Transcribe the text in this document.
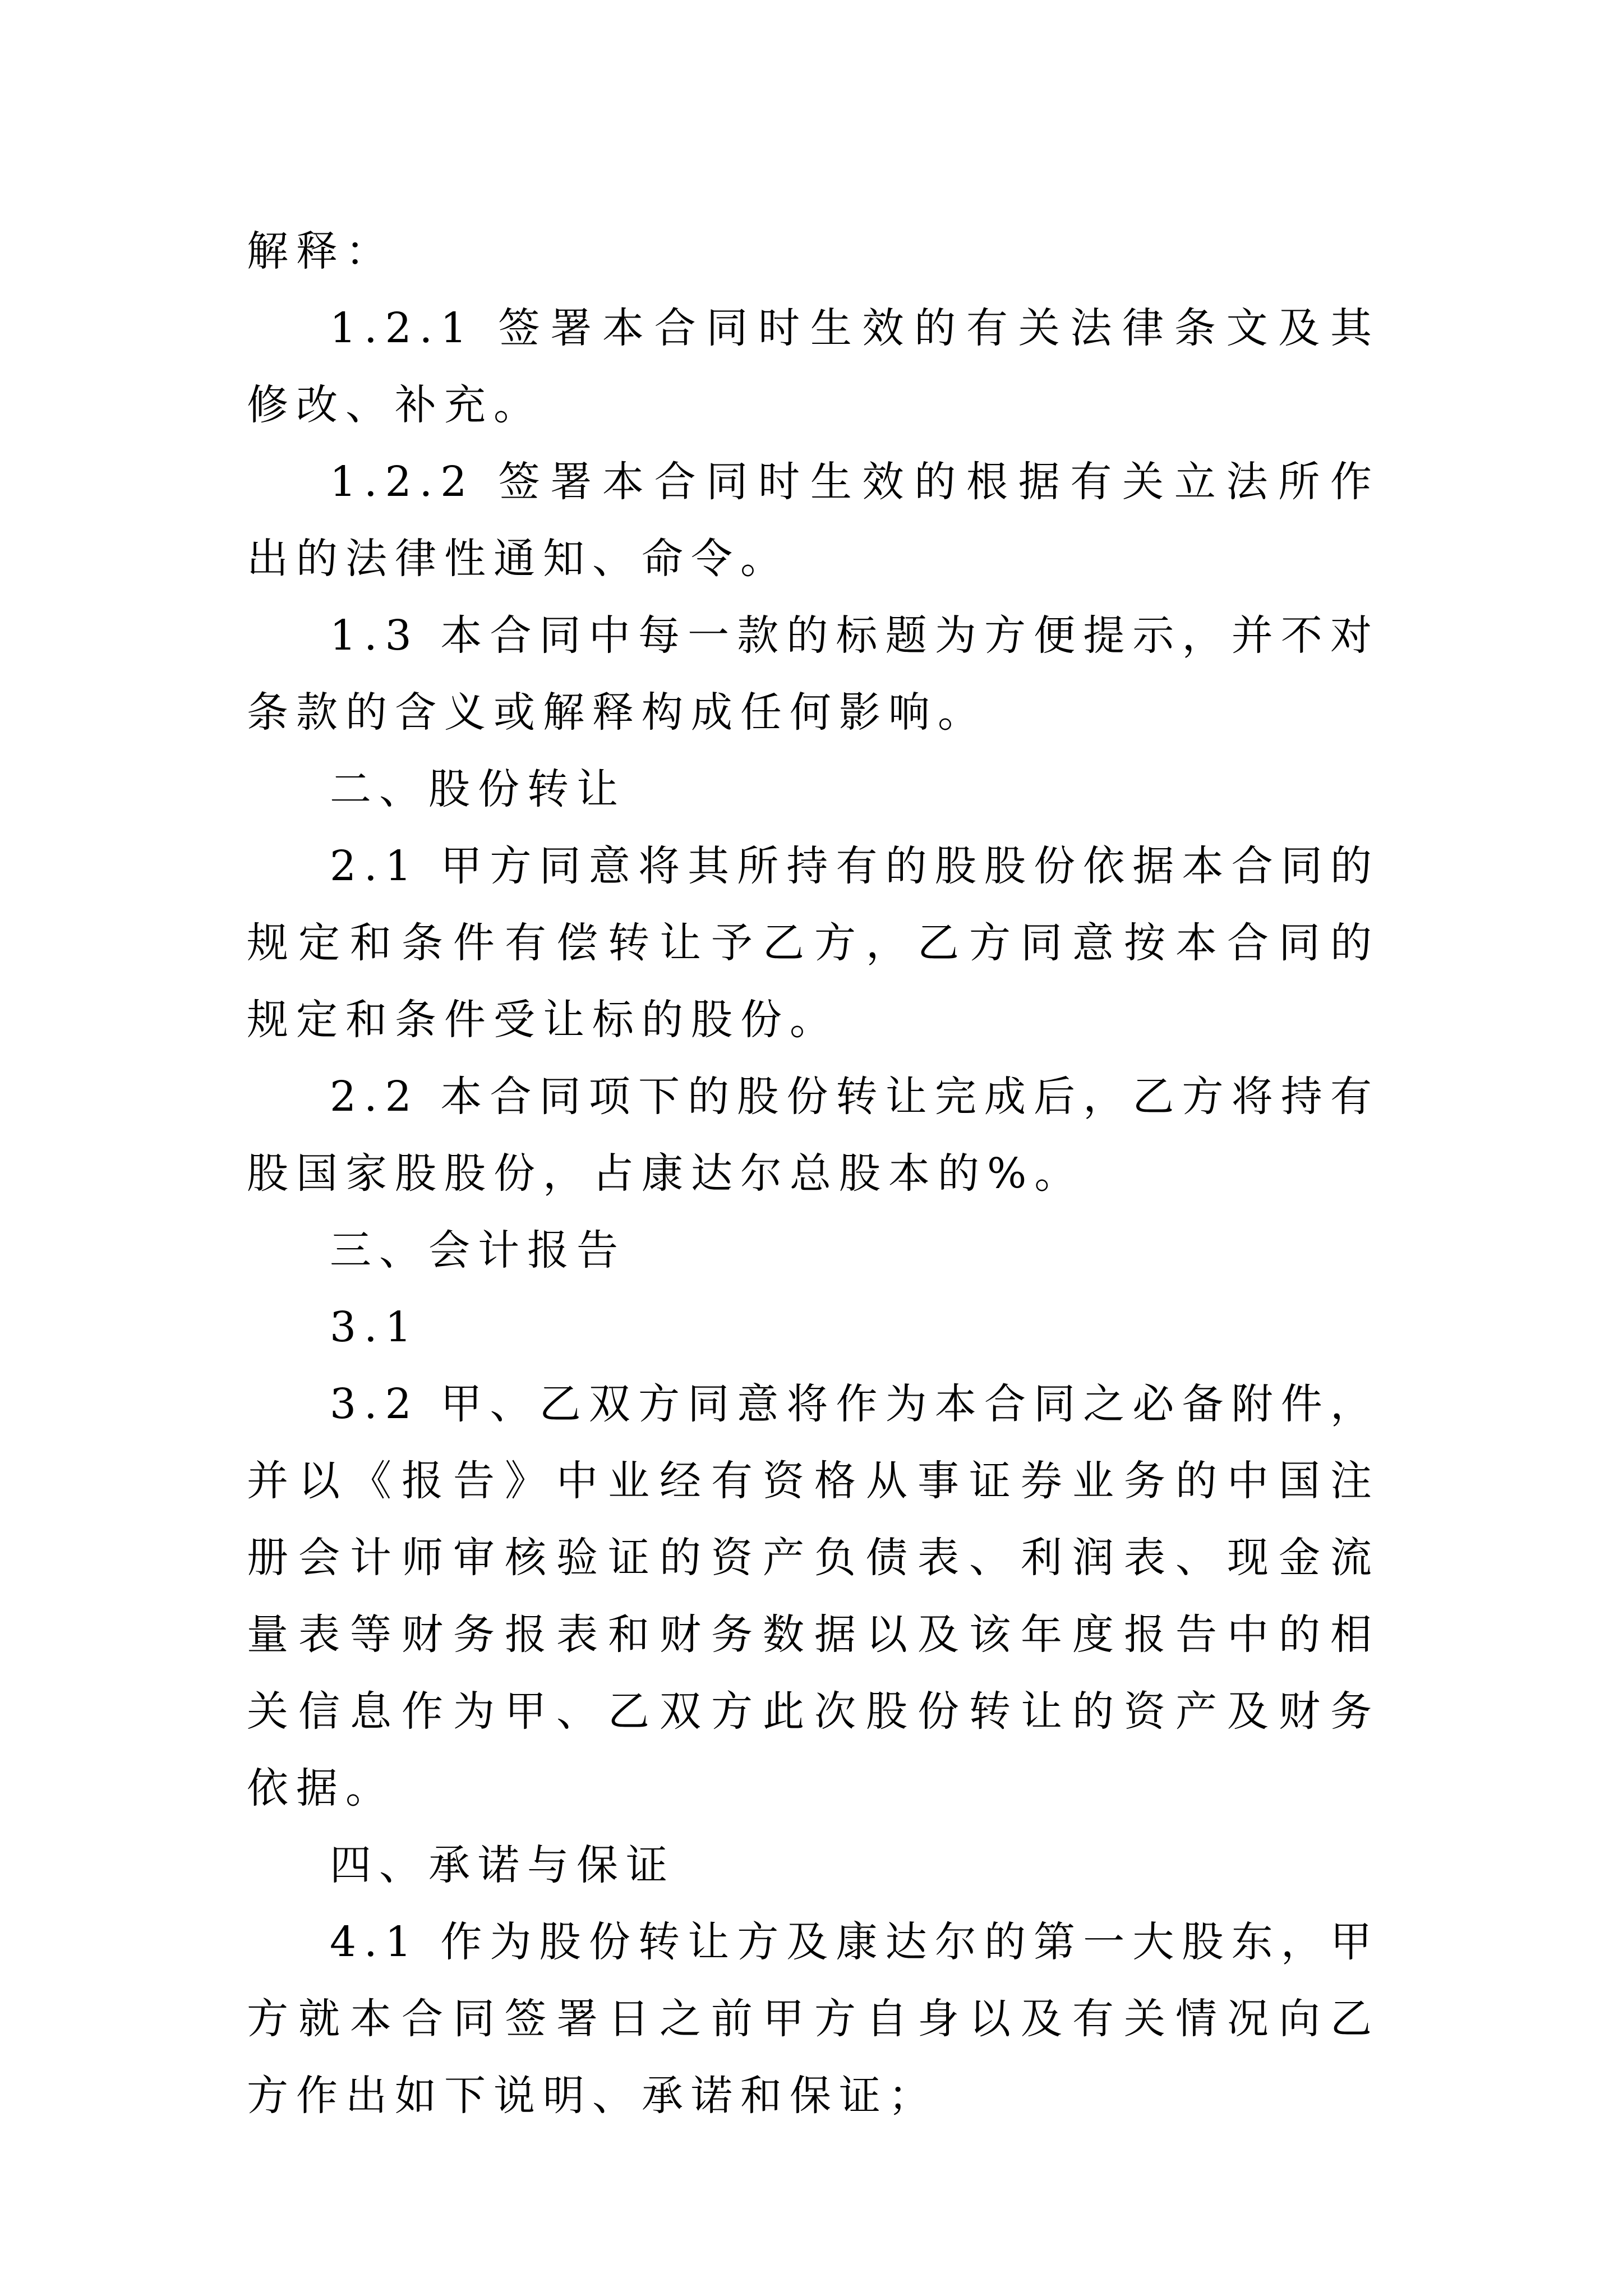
解释：

1.2.1 签署本合同时生效的有关法律条文及其修改、补充。

1.2.2 签署本合同时生效的根据有关立法所作出的法律性通知、命令。

1.3 本合同中每一款的标题为方便提示，并不对条款的含义或解释构成任何影响。

二、股份转让

2.1 甲方同意将其所持有的股股份依据本合同的规定和条件有偿转让予乙方，乙方同意按本合同的规定和条件受让标的股份。

2.2 本合同项下的股份转让完成后，乙方将持有股国家股股份，占康达尔总股本的%。

三、会计报告

3.1

3.2 甲、乙双方同意将作为本合同之必备附件，并以《报告》中业经有资格从事证券业务的中国注册会计师审核验证的资产负债表、利润表、现金流量表等财务报表和财务数据以及该年度报告中的相关信息作为甲、乙双方此次股份转让的资产及财务依据。

四、承诺与保证

4.1 作为股份转让方及康达尔的第一大股东，甲方就本合同签署日之前甲方自身以及有关情况向乙方作出如下说明、承诺和保证；
